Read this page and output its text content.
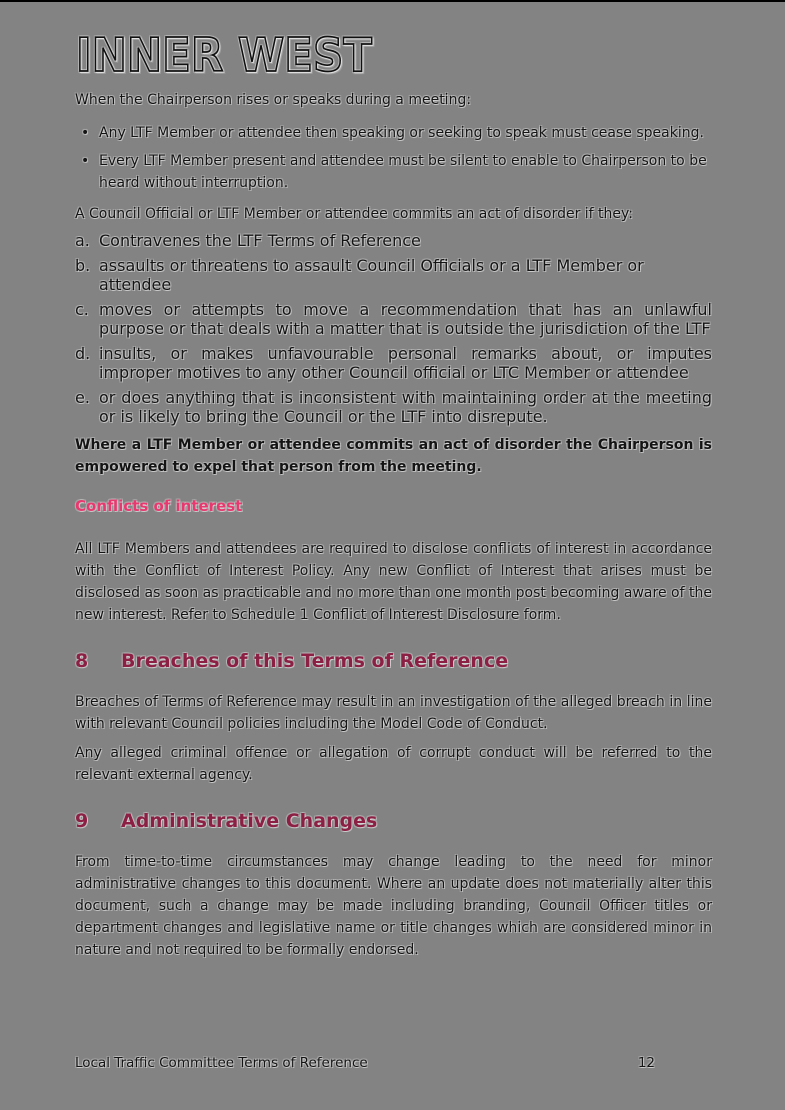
INNER WEST

When the Chairperson rises or speaks during a meeting:

• Any LTF Member or attendee then speaking or seeking to speak must cease speaking.
• Every LTF Member present and attendee must be silent to enable to Chairperson to be heard without interruption.

A Council Official or LTF Member or attendee commits an act of disorder if they:

a. Contravenes the LTF Terms of Reference
b. assaults or threatens to assault Council Officials or a LTF Member or attendee
c. moves or attempts to move a recommendation that has an unlawful purpose or that deals with a matter that is outside the jurisdiction of the LTF
d. insults, or makes unfavourable personal remarks about, or imputes improper motives to any other Council official or LTC Member or attendee
e. or does anything that is inconsistent with maintaining order at the meeting or is likely to bring the Council or the LTF into disrepute.

Where a LTF Member or attendee commits an act of disorder the Chairperson is empowered to expel that person from the meeting.

Conflicts of interest

All LTF Members and attendees are required to disclose conflicts of interest in accordance with the Conflict of Interest Policy. Any new Conflict of Interest that arises must be disclosed as soon as practicable and no more than one month post becoming aware of the new interest. Refer to Schedule 1 Conflict of Interest Disclosure form.

8	Breaches of this Terms of Reference

Breaches of Terms of Reference may result in an investigation of the alleged breach in line with relevant Council policies including the Model Code of Conduct.

Any alleged criminal offence or allegation of corrupt conduct will be referred to the relevant external agency.

9	Administrative Changes

From time-to-time circumstances may change leading to the need for minor administrative changes to this document. Where an update does not materially alter this document, such a change may be made including branding, Council Officer titles or department changes and legislative name or title changes which are considered minor in nature and not required to be formally endorsed.

Local Traffic Committee Terms of Reference	12
